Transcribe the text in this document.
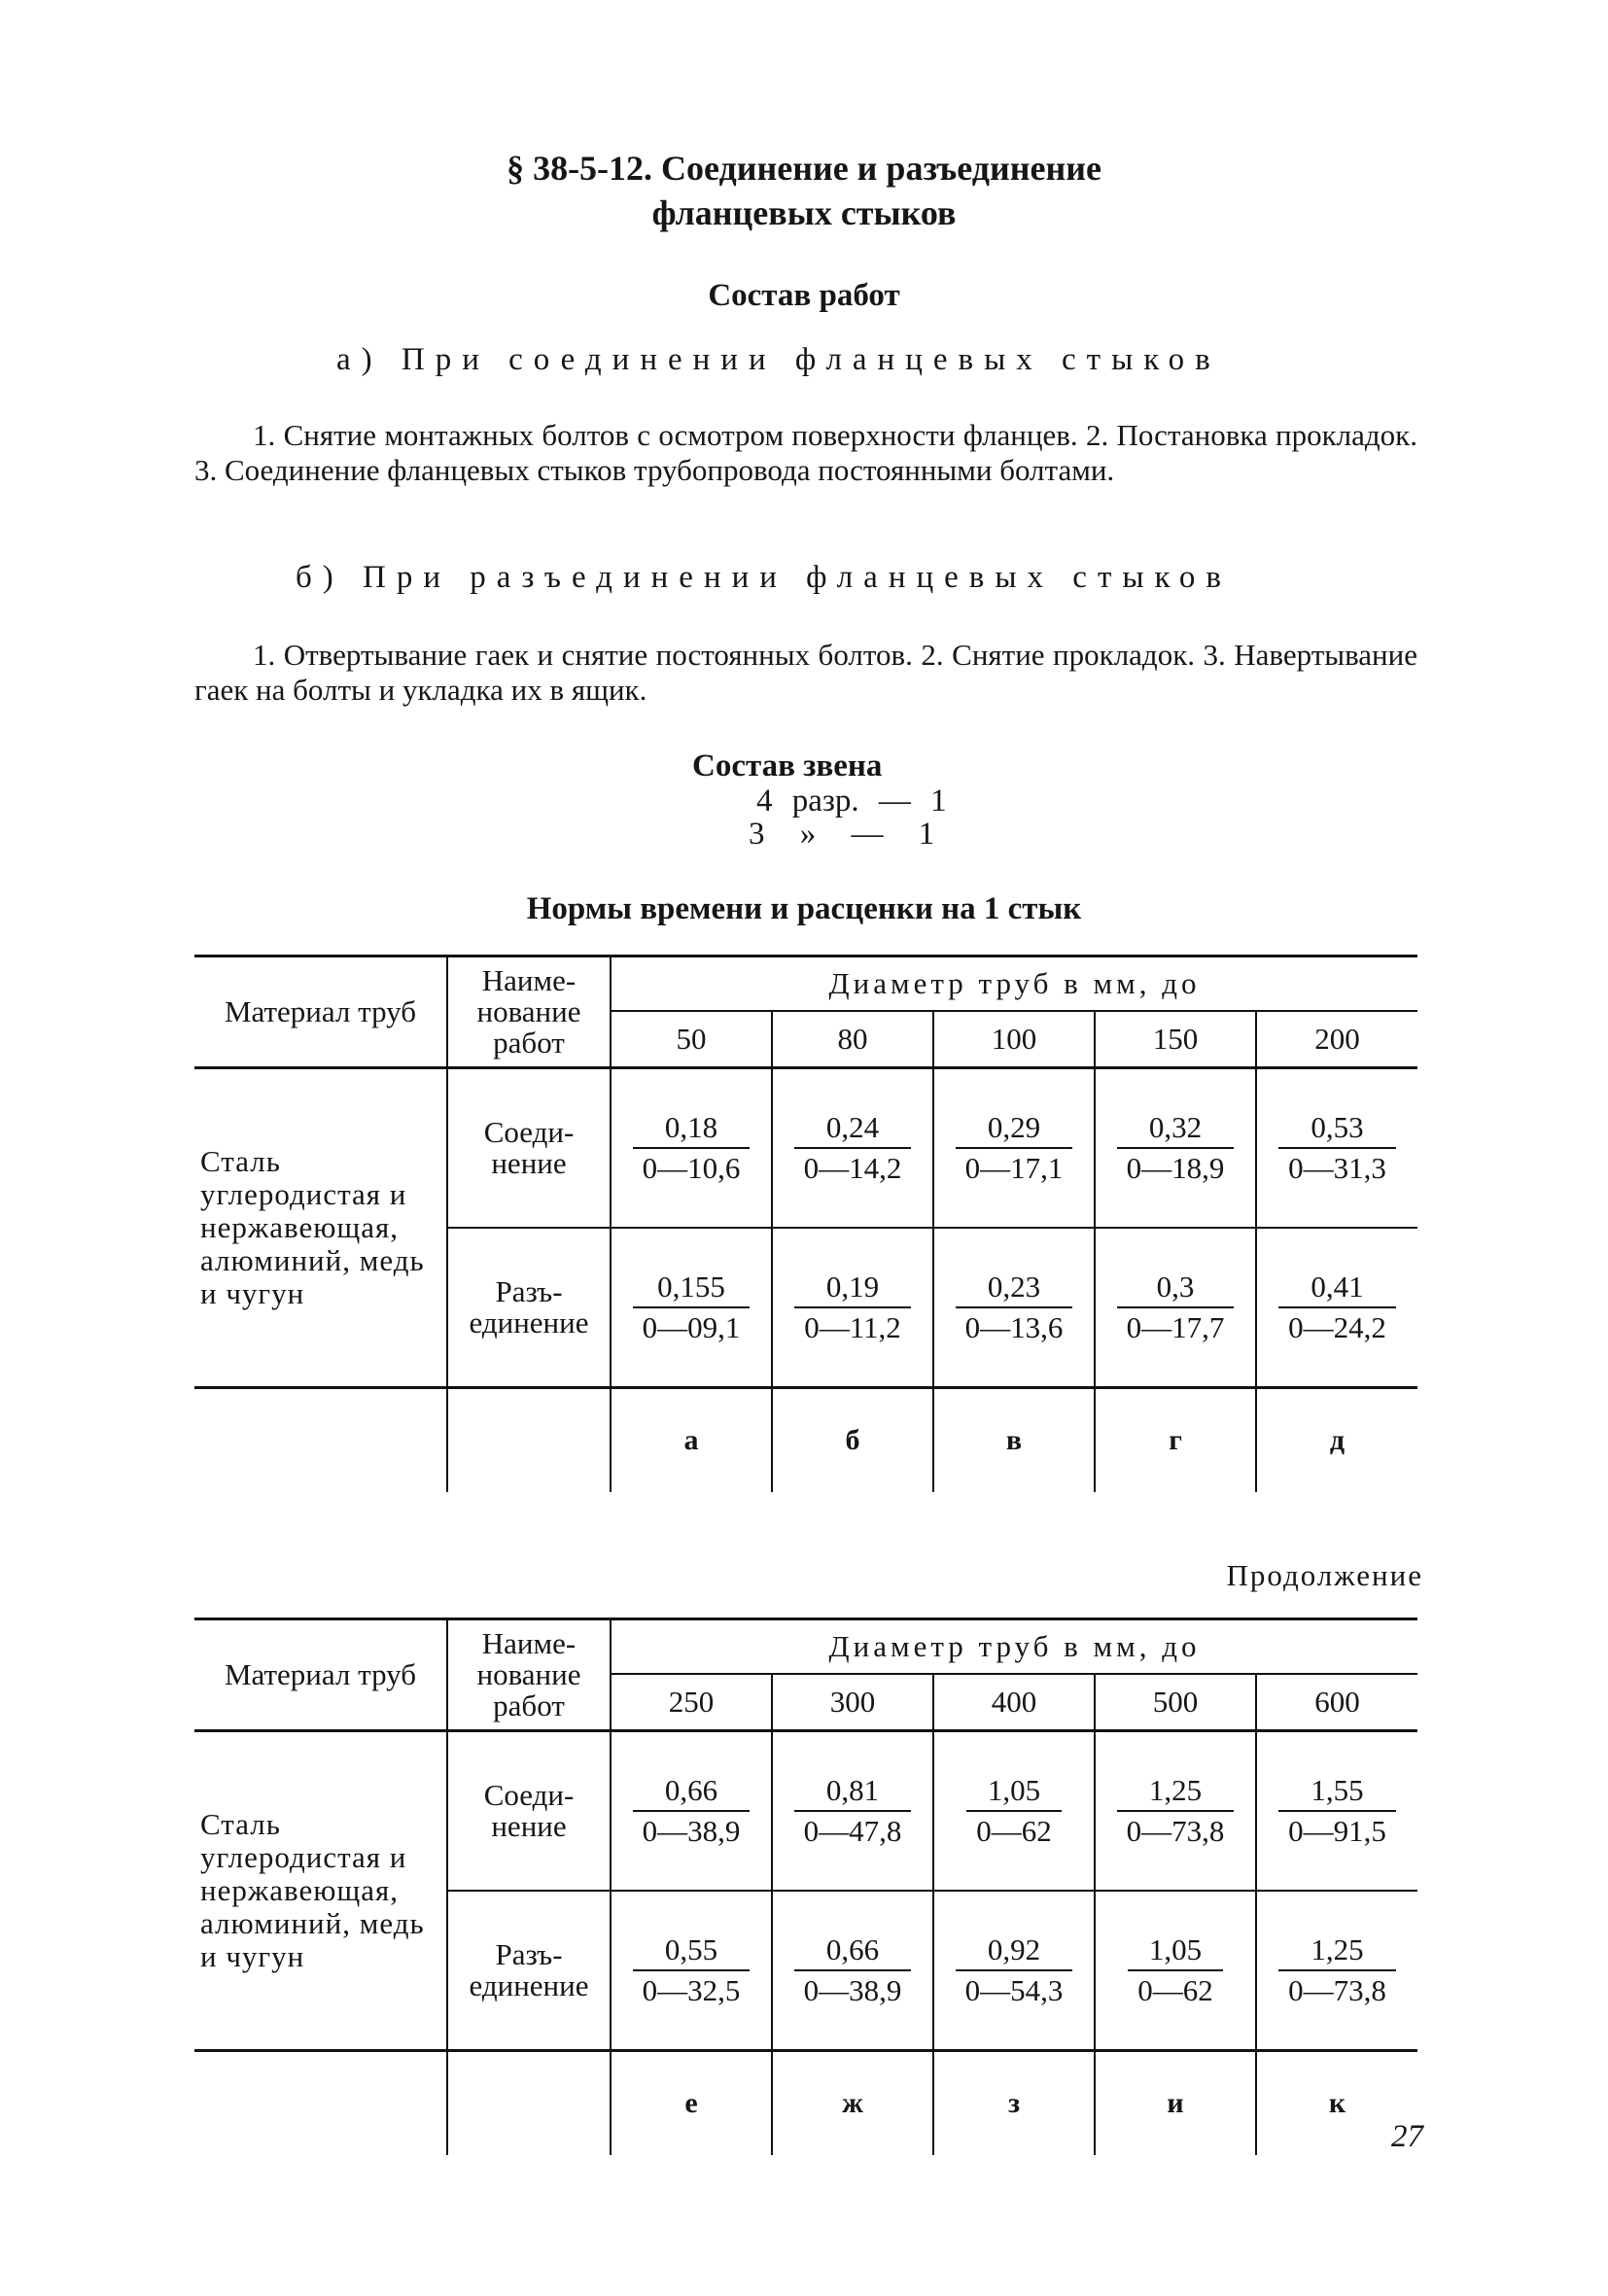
§ 38-5-12. Соединение и разъединение
фланцевых стыков
Состав работ
а) При соединении фланцевых стыков
1. Снятие монтажных болтов с осмотром поверхности фланцев. 2. Постановка прокладок. 3. Соединение фланцевых стыков трубопровода постоянными болтами.
б) При разъединении фланцевых стыков
1. Отвертывание гаек и снятие постоянных болтов. 2. Снятие прокладок. 3. Навертывание гаек на болты и укладка их в ящик.
Состав звена
4 разр. — 1
3 » — 1
Нормы времени и расценки на 1 стык
Материал труб	Наиме-нование работ	Диаметр труб в мм, до				
		50	80	100	150	200
Сталь углеродистая и нержавеющая, алюминий, медь и чугун	Соеди-нение	$\frac{0,18}{0—10,6}$	$\frac{0,24}{0—14,2}$	$\frac{0,29}{0—17,1}$	$\frac{0,32}{0—18,9}$	$\frac{0,53}{0—31,3}$

	Разъ-единение	$\frac{0,155}{0—09,1}$	$\frac{0,19}{0—11,2}$	$\frac{0,23}{0—13,6}$	$\frac{0,3}{0—17,7}$	$\frac{0,41}{0—24,2}$

		а	б	в	г	д
Продолжение
Материал труб	Наиме-нование работ	Диаметр труб в мм, до				
		250	300	400	500	600
Сталь углеродистая и нержавеющая, алюминий, медь и чугун	Соеди-нение	$\frac{0,66}{0—38,9}$	$\frac{0,81}{0—47,8}$	$\frac{1,05}{0—62}$	$\frac{1,25}{0—73,8}$	$\frac{1,55}{0—91,5}$

	Разъ-единение	$\frac{0,55}{0—32,5}$	$\frac{0,66}{0—38,9}$	$\frac{0,92}{0—54,3}$	$\frac{1,05}{0—62}$	$\frac{1,25}{0—73,8}$

		е	ж	з	и	к
27
